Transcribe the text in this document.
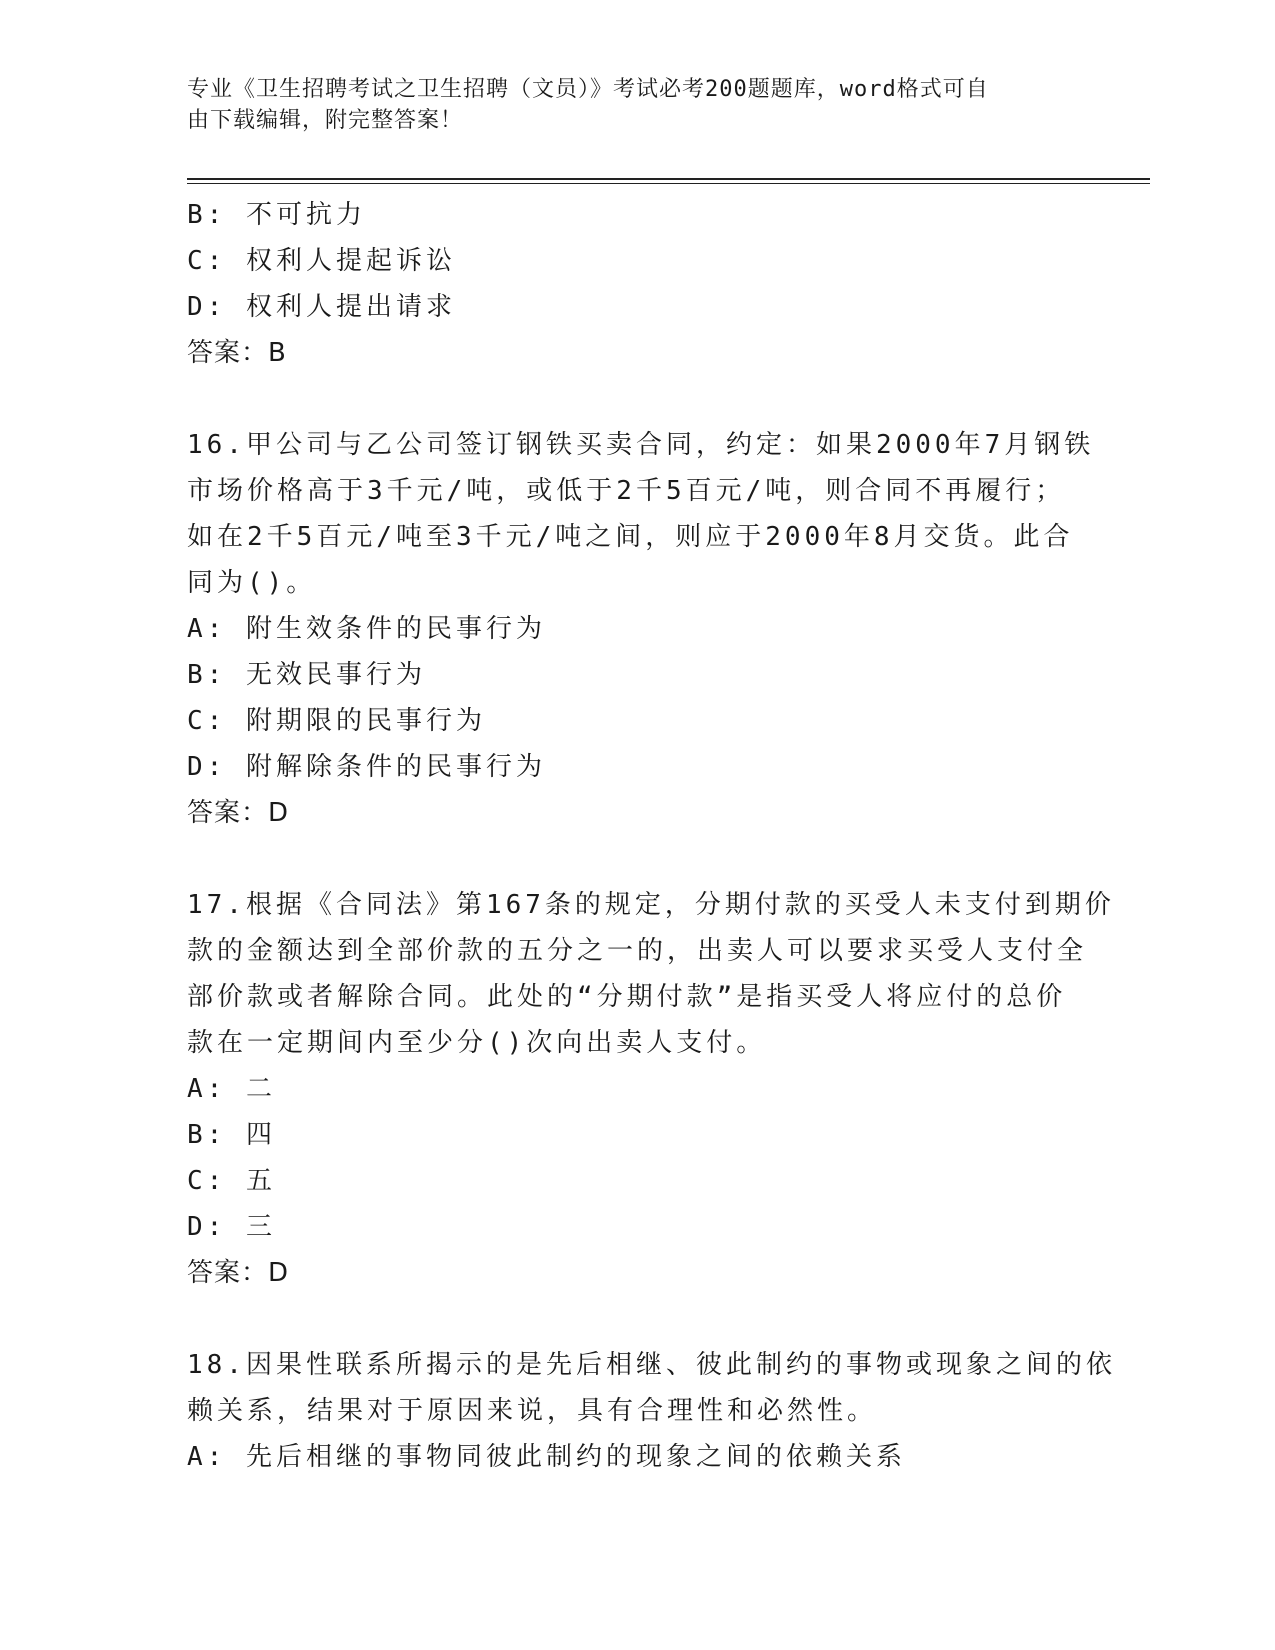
专业《卫生招聘考试之卫生招聘（文员）》考试必考200题题库，word格式可自
由下载编辑，附完整答案！
B: 不可抗力
C: 权利人提起诉讼
D: 权利人提出请求
答案：B
16.甲公司与乙公司签订钢铁买卖合同，约定：如果2000年7月钢铁
市场价格高于3千元/吨，或低于2千5百元/吨，则合同不再履行；
如在2千5百元/吨至3千元/吨之间，则应于2000年8月交货。此合
同为()。
A: 附生效条件的民事行为
B: 无效民事行为
C: 附期限的民事行为
D: 附解除条件的民事行为
答案：D
17.根据《合同法》第167条的规定，分期付款的买受人未支付到期价
款的金额达到全部价款的五分之一的，出卖人可以要求买受人支付全
部价款或者解除合同。此处的“分期付款”是指买受人将应付的总价
款在一定期间内至少分()次向出卖人支付。
A: 二
B: 四
C: 五
D: 三
答案：D
18.因果性联系所揭示的是先后相继、彼此制约的事物或现象之间的依
赖关系，结果对于原因来说，具有合理性和必然性。
A: 先后相继的事物同彼此制约的现象之间的依赖关系
